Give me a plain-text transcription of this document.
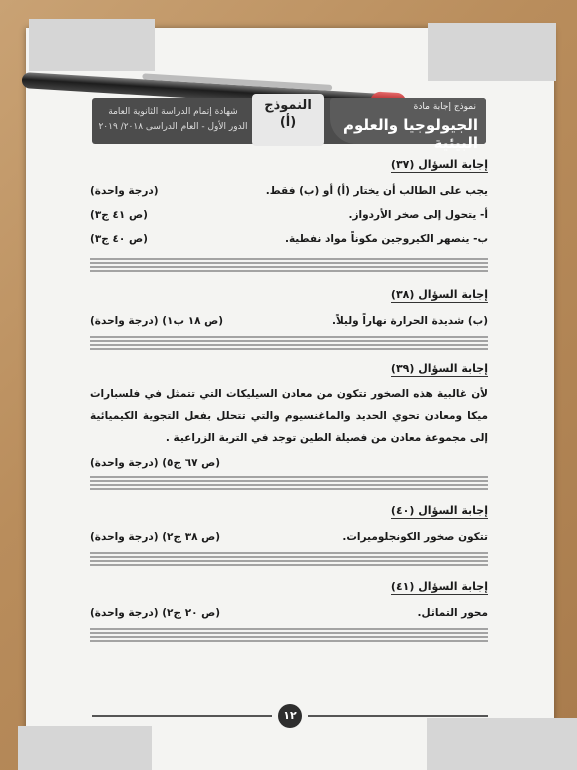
نموذج إجابة مادة
الجيولوجيا والعلوم البيئية
النموذج
(أ)
شهادة إتمام الدراسة الثانوية العامة
الدور الأول - العام الدراسى ٢٠١٨/ ٢٠١٩
إجابة السؤال (٣٧)
يجب على الطالب أن يختار (أ) أو (ب) فقط.
(درجة واحدة)
أ- يتحول إلى صخر الأردواز.
(ص ٤١ ج٣)
ب- ينصهر الكيروجين مكوناً مواد نفطية.
(ص ٤٠ ج٣)
إجابة السؤال (٣٨)
(ب) شديدة الحرارة نهاراً وليلاً.
(ص ١٨ ب١) (درجة واحدة)
إجابة السؤال (٣٩)
لأن غالبية هذه الصخور تتكون من معادن السيليكات التي تتمثل في فلسبارات ميكا ومعادن تحوي الحديد والماغنسيوم والتي تتحلل بفعل التجوية الكيميائية إلى مجموعة معادن من فصيلة الطين توجد في التربة الزراعية .
(ص ٦٧ ج٥) (درجة واحدة)
إجابة السؤال (٤٠)
تتكون صخور الكونجلوميرات.
(ص ٣٨ ج٢) (درجة واحدة)
إجابة السؤال (٤١)
محور التماثل.
(ص ٢٠ ج٢) (درجة واحدة)
١٢
